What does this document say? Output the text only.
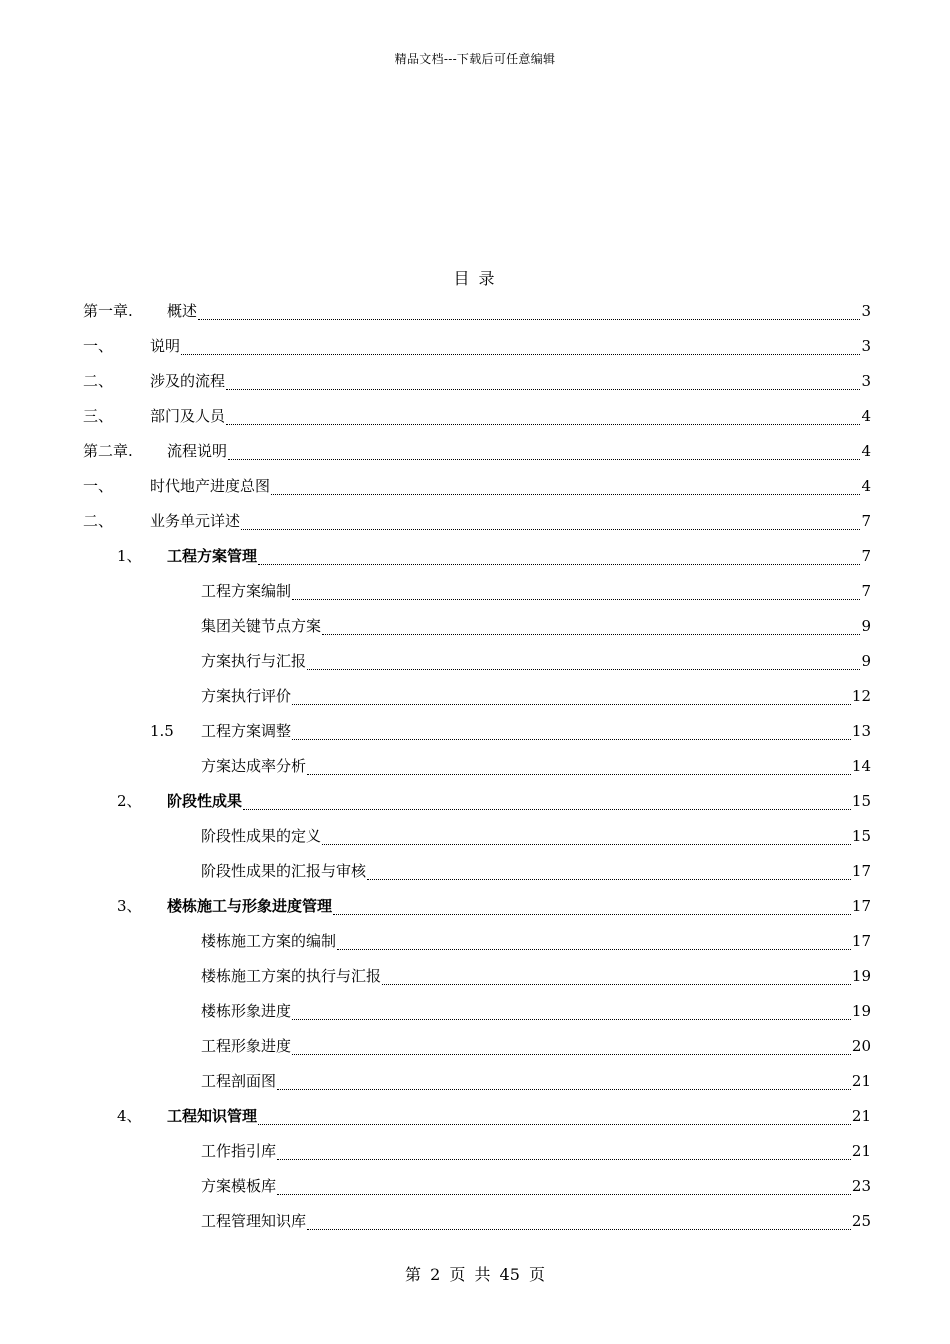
精品文档---下载后可任意编辑
目 录
第一章.	概述	3
一、	说明	3
二、	涉及的流程	3
三、	部门及人员	4
第二章.	流程说明	4
一、	时代地产进度总图	4
二、	业务单元详述	7
1、	工程方案管理	7
工程方案编制	7
集团关键节点方案	9
方案执行与汇报	9
方案执行评价	12
1.5	工程方案调整	13
方案达成率分析	14
2、	阶段性成果	15
阶段性成果的定义	15
阶段性成果的汇报与审核	17
3、	楼栋施工与形象进度管理	17
楼栋施工方案的编制	17
楼栋施工方案的执行与汇报	19
楼栋形象进度	19
工程形象进度	20
工程剖面图	21
4、	工程知识管理	21
工作指引库	21
方案模板库	23
工程管理知识库	25
第 2 页 共 45 页
